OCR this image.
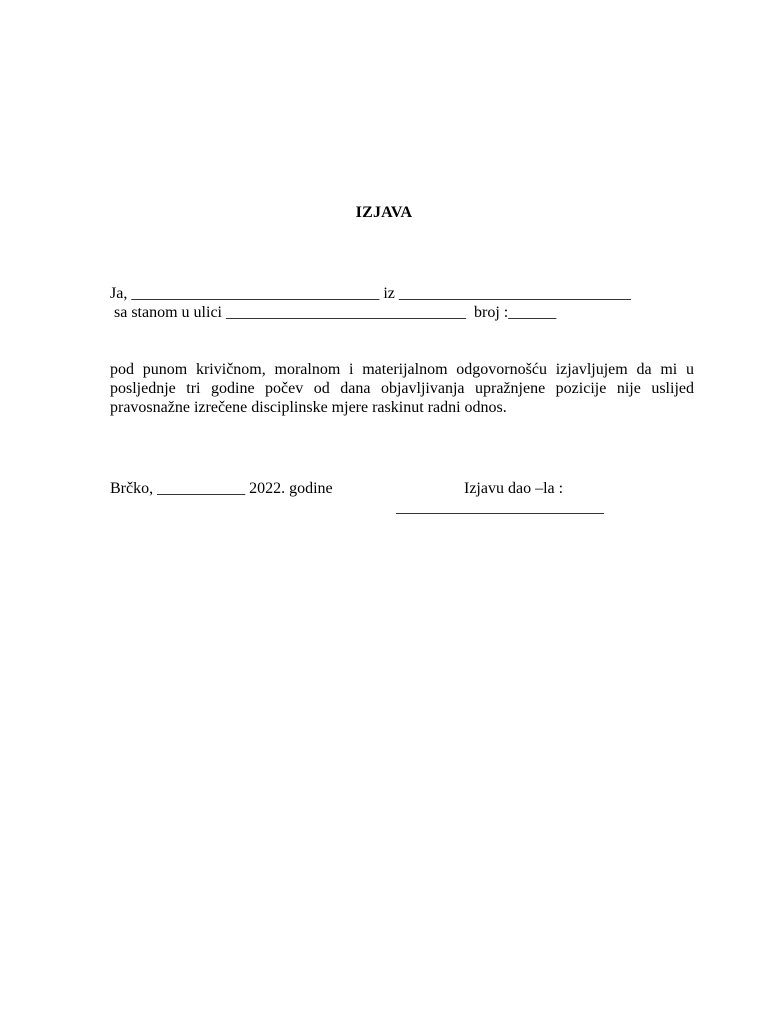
IZJAVA
Ja, _______________________________ iz _____________________________
sa stanom u ulici ______________________________  broj :______

pod punom krivičnom, moralnom i materijalnom odgovornošću izjavljujem da mi u posljednje tri godine počev od dana objavljivanja upražnjene pozicije nije uslijed pravosnažne izrečene disciplinske mjere raskinut radni odnos.
Brčko, ___________ 2022. godine	Izjavu dao –la :
__________________________
